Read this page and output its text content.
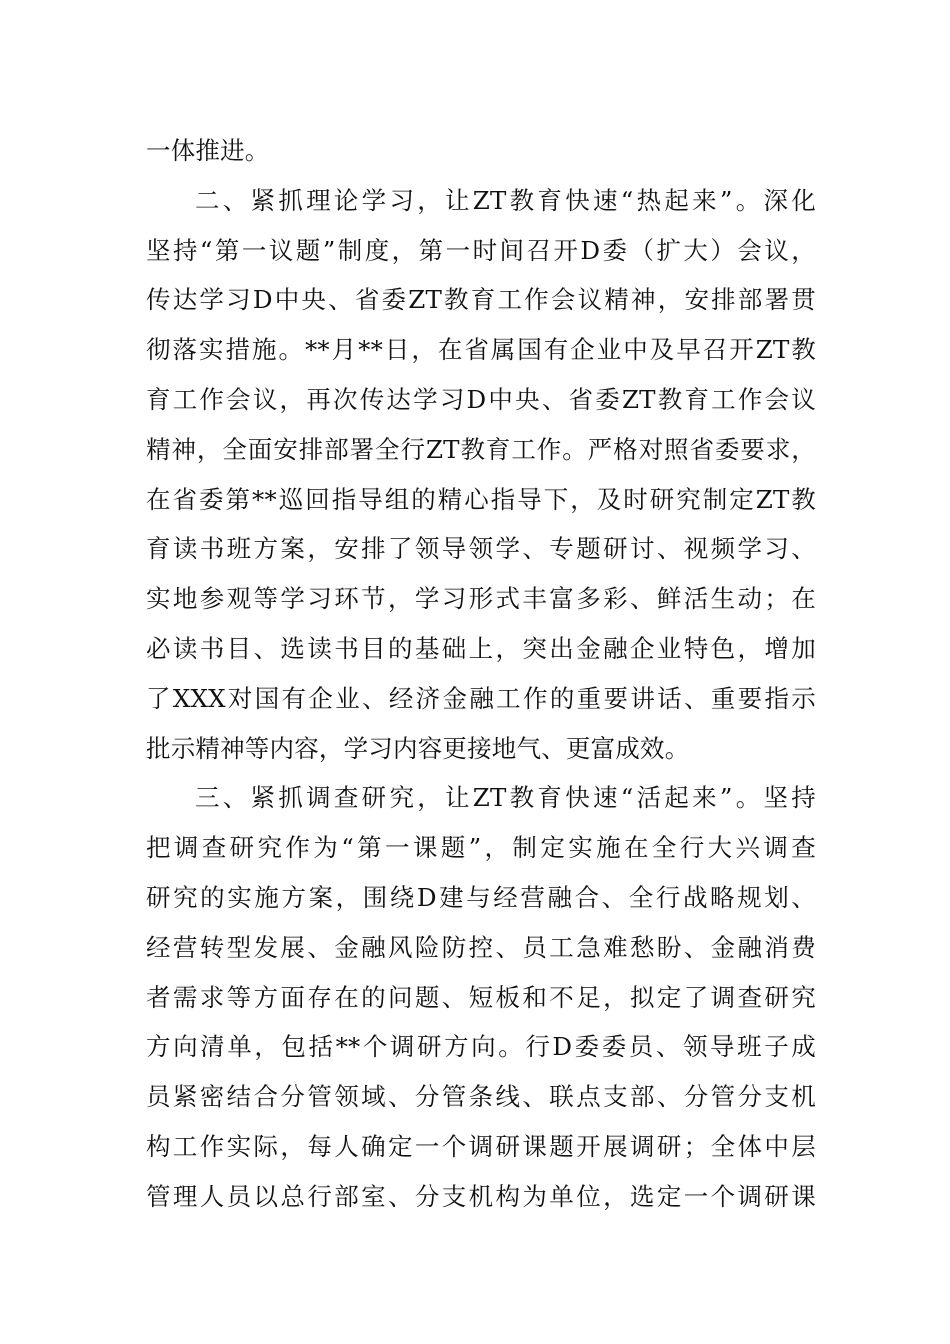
一体推进。
二、紧抓理论学习，让ZT教育快速“热起来”。深化
坚持“第一议题”制度，第一时间召开D委（扩大）会议，
传达学习D中央、省委ZT教育工作会议精神，安排部署贯
彻落实措施。**月**日，在省属国有企业中及早召开ZT教
育工作会议，再次传达学习D中央、省委ZT教育工作会议
精神，全面安排部署全行ZT教育工作。严格对照省委要求，
在省委第**巡回指导组的精心指导下，及时研究制定ZT教
育读书班方案，安排了领导领学、专题研讨、视频学习、
实地参观等学习环节，学习形式丰富多彩、鲜活生动；在
必读书目、选读书目的基础上，突出金融企业特色，增加
了XXX对国有企业、经济金融工作的重要讲话、重要指示
批示精神等内容，学习内容更接地气、更富成效。
三、紧抓调查研究，让ZT教育快速“活起来”。坚持
把调查研究作为“第一课题”，制定实施在全行大兴调查
研究的实施方案，围绕D建与经营融合、全行战略规划、
经营转型发展、金融风险防控、员工急难愁盼、金融消费
者需求等方面存在的问题、短板和不足，拟定了调查研究
方向清单，包括**个调研方向。行D委委员、领导班子成
员紧密结合分管领域、分管条线、联点支部、分管分支机
构工作实际，每人确定一个调研课题开展调研；全体中层
管理人员以总行部室、分支机构为单位，选定一个调研课
